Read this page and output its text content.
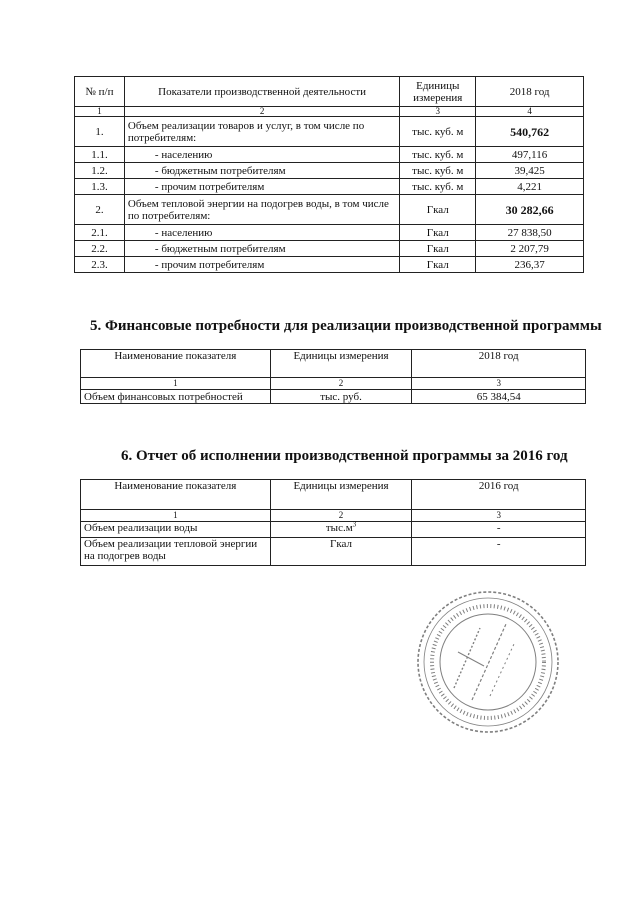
№ п/п	Показатели производственной деятельности	Единицы измерения	2018 год
1	2	3	4
1.	Объем реализации товаров и услуг, в том числе по потребителям:	тыс. куб. м	540,762
1.1.	- населению	тыс. куб. м	497,116
1.2.	- бюджетным потребителям	тыс. куб. м	39,425
1.3.	- прочим потребителям	тыс. куб. м	4,221
2.	Объем тепловой энергии на подогрев воды, в том числе по потребителям:	Гкал	30 282,66
2.1.	- населению	Гкал	27 838,50
2.2.	- бюджетным потребителям	Гкал	2 207,79
2.3.	- прочим потребителям	Гкал	236,37
5. Финансовые потребности для реализации производственной программы
Наименование показателя	Единицы измерения	2018 год
1	2	3
Объем финансовых потребностей	тыс. руб.	65 384,54
6. Отчет об исполнении производственной программы за 2016 год
Наименование показателя	Единицы измерения	2016 год
1	2	3
Объем реализации воды	$тыс.м^3$	-
Объем реализации тепловой энергии на подогрев воды	Гкал	-
